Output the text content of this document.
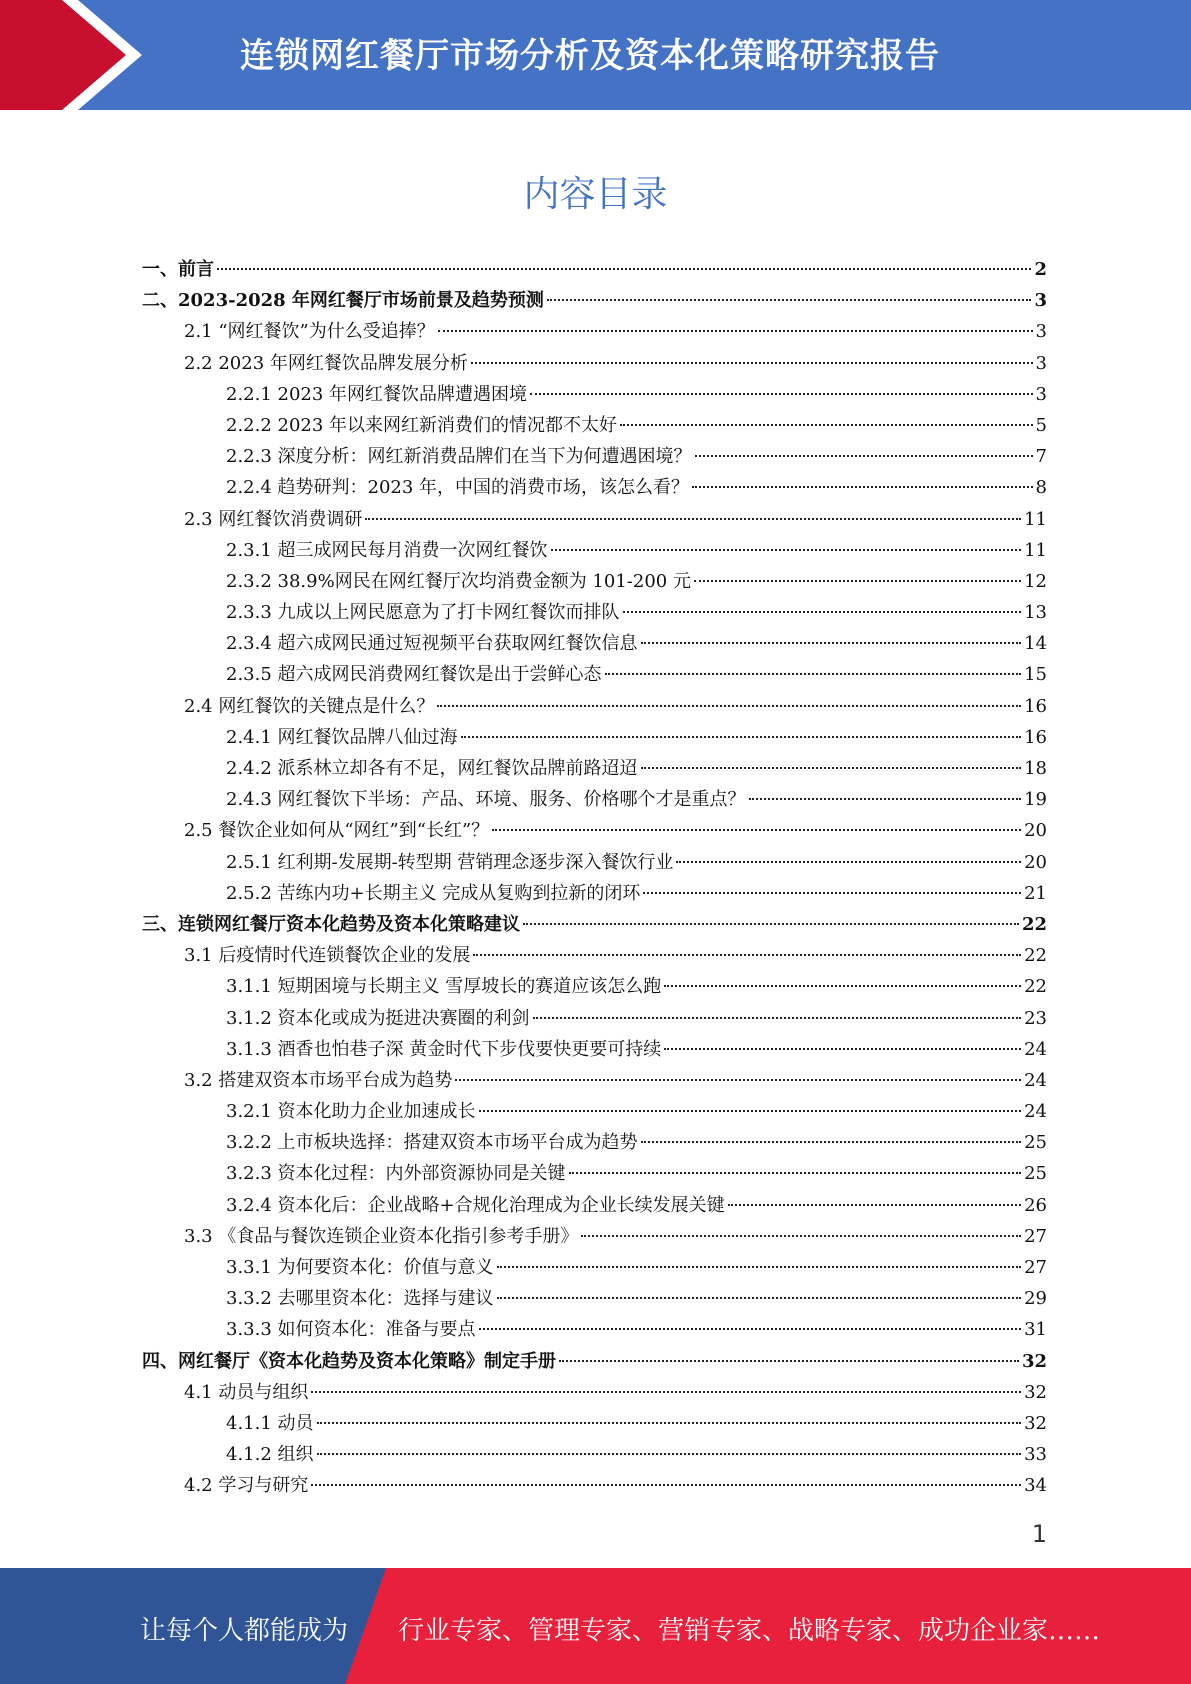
连锁网红餐厅市场分析及资本化策略研究报告
内容目录
一、前言	2
二、2023-2028 年网红餐厅市场前景及趋势预测	3
2.1 “网红餐饮”为什么受追捧？	3
2.2 2023 年网红餐饮品牌发展分析	3
2.2.1 2023 年网红餐饮品牌遭遇困境	3
2.2.2 2023 年以来网红新消费们的情况都不太好	5
2.2.3 深度分析：网红新消费品牌们在当下为何遭遇困境？	7
2.2.4 趋势研判：2023 年，中国的消费市场，该怎么看？	8
2.3 网红餐饮消费调研	11
2.3.1 超三成网民每月消费一次网红餐饮	11
2.3.2 38.9%网民在网红餐厅次均消费金额为 101-200 元	12
2.3.3 九成以上网民愿意为了打卡网红餐饮而排队	13
2.3.4 超六成网民通过短视频平台获取网红餐饮信息	14
2.3.5 超六成网民消费网红餐饮是出于尝鲜心态	15
2.4 网红餐饮的关键点是什么？	16
2.4.1 网红餐饮品牌八仙过海	16
2.4.2 派系林立却各有不足，网红餐饮品牌前路迢迢	18
2.4.3 网红餐饮下半场：产品、环境、服务、价格哪个才是重点？	19
2.5 餐饮企业如何从“网红”到“长红”？	20
2.5.1 红利期-发展期-转型期 营销理念逐步深入餐饮行业	20
2.5.2 苦练内功+长期主义 完成从复购到拉新的闭环	21
三、连锁网红餐厅资本化趋势及资本化策略建议	22
3.1 后疫情时代连锁餐饮企业的发展	22
3.1.1 短期困境与长期主义 雪厚坡长的赛道应该怎么跑	22
3.1.2 资本化或成为挺进决赛圈的利剑	23
3.1.3 酒香也怕巷子深 黄金时代下步伐要快更要可持续	24
3.2 搭建双资本市场平台成为趋势	24
3.2.1 资本化助力企业加速成长	24
3.2.2 上市板块选择：搭建双资本市场平台成为趋势	25
3.2.3 资本化过程：内外部资源协同是关键	25
3.2.4 资本化后：企业战略+合规化治理成为企业长续发展关键	26
3.3 《食品与餐饮连锁企业资本化指引参考手册》	27
3.3.1 为何要资本化：价值与意义	27
3.3.2 去哪里资本化：选择与建议	29
3.3.3 如何资本化：准备与要点	31
四、网红餐厅《资本化趋势及资本化策略》制定手册	32
4.1 动员与组织	32
4.1.1 动员	32
4.1.2 组织	33
4.2 学习与研究	34
1
让每个人都能成为 行业专家、管理专家、营销专家、战略专家、成功企业家……
